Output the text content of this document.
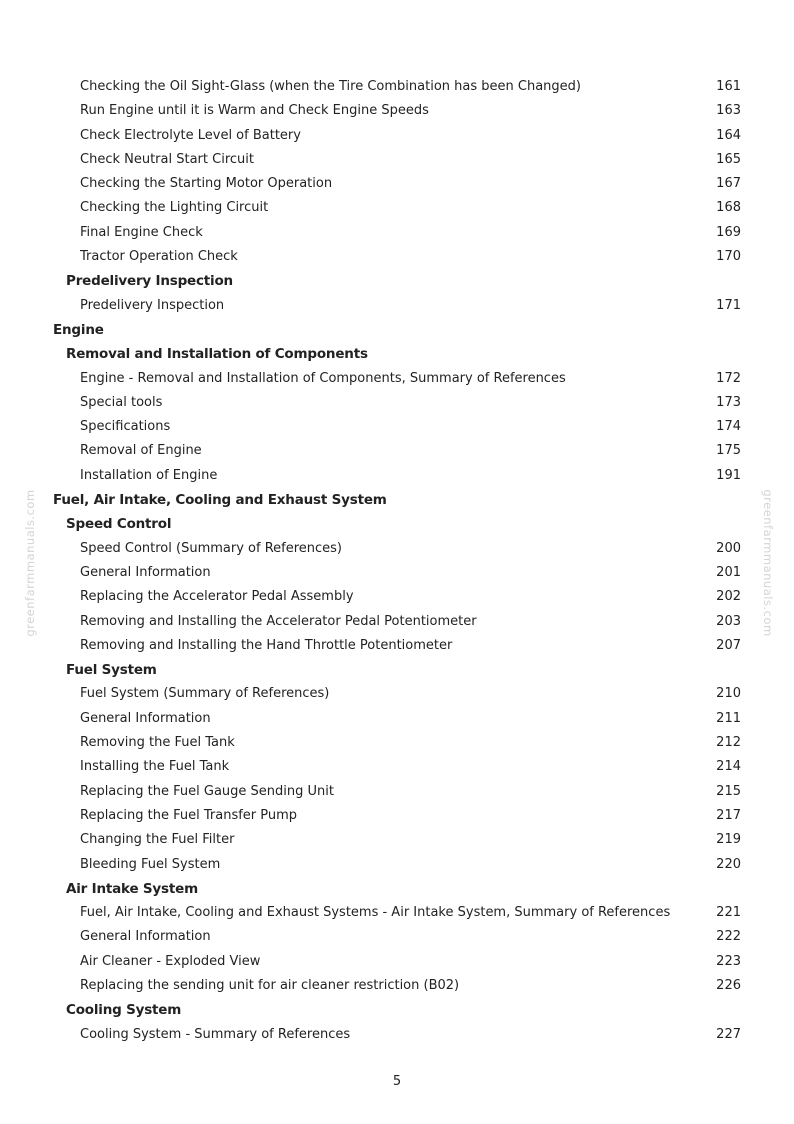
greenfarmmanuals.com	greenfarmmanuals.com
Checking the Oil Sight-Glass (when the Tire Combination has been Changed)	161
Run Engine until it is Warm and Check Engine Speeds	163
Check Electrolyte Level of Battery	164
Check Neutral Start Circuit	165
Checking the Starting Motor Operation	167
Checking the Lighting Circuit	168
Final Engine Check	169
Tractor Operation Check	170
Predelivery Inspection
Predelivery Inspection	171
Engine
Removal and Installation of Components
Engine - Removal and Installation of Components, Summary of References	172
Special tools	173
Specifications	174
Removal of Engine	175
Installation of Engine	191
Fuel, Air Intake, Cooling and Exhaust System
Speed Control
Speed Control (Summary of References)	200
General Information	201
Replacing the Accelerator Pedal Assembly	202
Removing and Installing the Accelerator Pedal Potentiometer	203
Removing and Installing the Hand Throttle Potentiometer	207
Fuel System
Fuel System (Summary of References)	210
General Information	211
Removing the Fuel Tank	212
Installing the Fuel Tank	214
Replacing the Fuel Gauge Sending Unit	215
Replacing the Fuel Transfer Pump	217
Changing the Fuel Filter	219
Bleeding Fuel System	220
Air Intake System
Fuel, Air Intake, Cooling and Exhaust Systems - Air Intake System, Summary of References	221
General Information	222
Air Cleaner - Exploded View	223
Replacing the sending unit for air cleaner restriction (B02)	226
Cooling System
Cooling System - Summary of References	227
5
